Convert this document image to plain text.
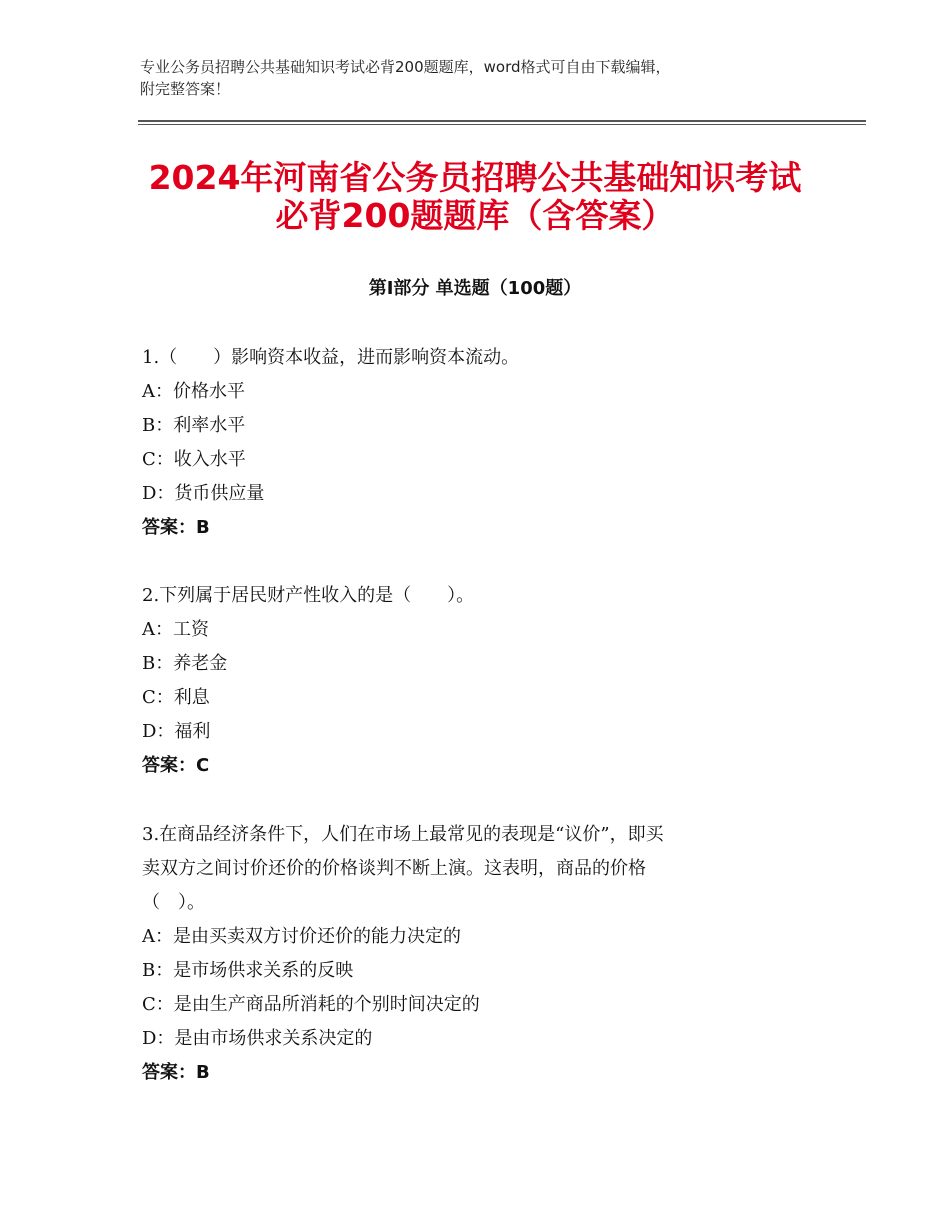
专业公务员招聘公共基础知识考试必背200题题库，word格式可自由下载编辑，
附完整答案！
2024年河南省公务员招聘公共基础知识考试
必背200题题库（含答案）
第Ⅰ部分 单选题（100题）
1.（　　）影响资本收益，进而影响资本流动。
A：价格水平
B：利率水平
C：收入水平
D：货币供应量
答案：B
2.下列属于居民财产性收入的是（　　）。
A：工资
B：养老金
C：利息
D：福利
答案：C
3.在商品经济条件下，人们在市场上最常见的表现是“议价”，即买
卖双方之间讨价还价的价格谈判不断上演。这表明，商品的价格
（　）。
A：是由买卖双方讨价还价的能力决定的
B：是市场供求关系的反映
C：是由生产商品所消耗的个别时间决定的
D：是由市场供求关系决定的
答案：B
